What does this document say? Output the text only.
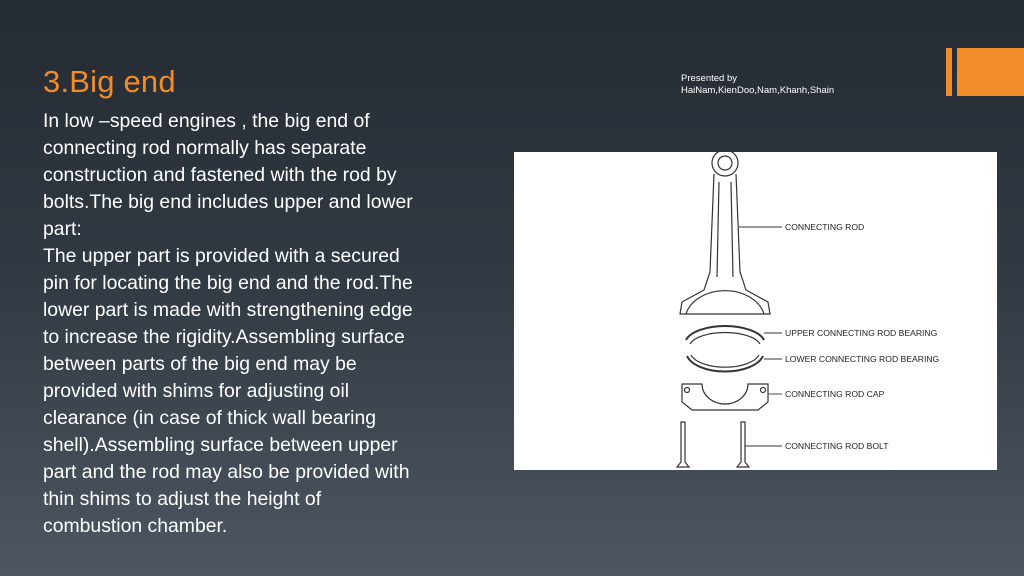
3.Big end
In low –speed engines , the big end of
connecting rod normally has separate
construction and fastened with the rod by
bolts.The big end includes upper and lower
part:
The upper part is provided with a secured
pin for locating the big end and the rod.The
lower part is made with strengthening edge
to increase the rigidity.Assembling surface
between parts of the big end may be
provided with shims for adjusting oil
clearance (in case of thick wall bearing
shell).Assembling surface between upper
part and the rod may also be provided with
thin shims to adjust the height of
combustion chamber.
Presented by
HaiNam,KienDoo,Nam,Khanh,Shain
CONNECTING ROD
UPPER CONNECTING ROD BEARING
LOWER CONNECTING ROD BEARING
CONNECTING ROD CAP
CONNECTING ROD BOLT
